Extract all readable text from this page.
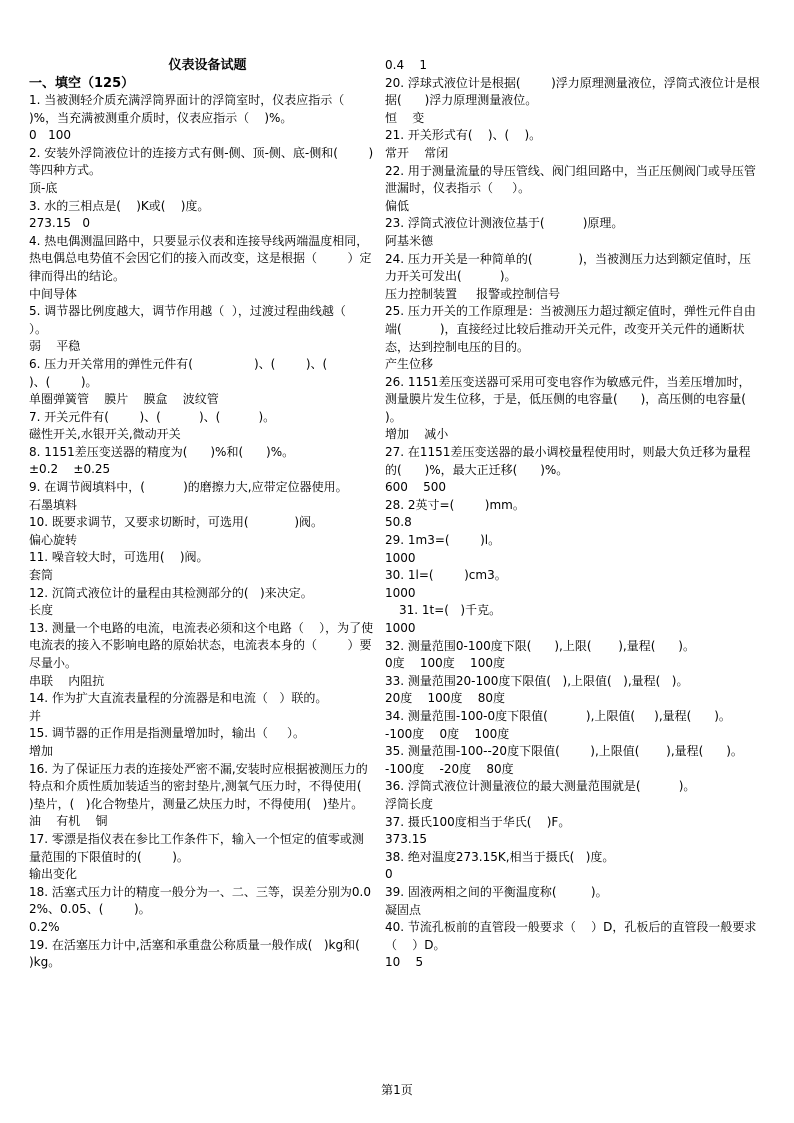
仪表设备试题
一、填空（125）
1. 当被测轻介质充满浮筒界面计的浮筒室时，仪表应指示（    )%，当充满被测重介质时，仪表应指示（    )%。
0   100
2. 安装外浮筒液位计的连接方式有侧-侧、顶-侧、底-侧和(        )等四种方式。
顶-底
3. 水的三相点是(    )K或(    )度。
273.15   0
4. 热电偶测温回路中，只要显示仪表和连接导线两端温度相同，热电偶总电势值不会因它们的接入而改变，这是根据（        ）定律而得出的结论。
中间导体
5. 调节器比例度越大，调节作用越（  ），过渡过程曲线越（    ）。
弱    平稳
6. 压力开关常用的弹性元件有(                )、(        )、(        )、(        )。
单圈弹簧管    膜片    膜盒    波纹管
7. 开关元件有(        )、(          )、(          )。
磁性开关,水银开关,微动开关
8. 1151差压变送器的精度为(      )%和(      )%。
±0.2    ±0.25
9. 在调节阀填料中，(          )的磨擦力大,应带定位器使用。
石墨填料
10. 既要求调节，又要求切断时，可选用(            )阀。
偏心旋转
11. 噪音较大时，可选用(    )阀。
套筒
12. 沉筒式液位计的量程由其检测部分的(   )来决定。
长度
13. 测量一个电路的电流，电流表必须和这个电路（    ），为了使电流表的接入不影响电路的原始状态，电流表本身的（        ）要尽量小。
串联    内阻抗
14. 作为扩大直流表量程的分流器是和电流（   ）联的。
并
15. 调节器的正作用是指测量增加时，输出（     ）。
增加
16. 为了保证压力表的连接处严密不漏,安装时应根据被测压力的特点和介质性质加装适当的密封垫片,测氧气压力时，不得使用(   )垫片，(   )化合物垫片，测量乙炔压力时，不得使用(   )垫片。
油    有机    铜
17. 零漂是指仪表在参比工作条件下，输入一个恒定的值零或测量范围的下限值时的(        )。
输出变化
18. 活塞式压力计的精度一般分为一、二、三等，误差分别为0.02%、0.05、(        )。
0.2%
19. 在活塞压力计中,活塞和承重盘公称质量一般作成(   )kg和(   )kg。
0.4    1
20. 浮球式液位计是根据(        )浮力原理测量液位，浮筒式液位计是根据(      )浮力原理测量液位。
恒    变
21. 开关形式有(    )、(    )。
常开    常闭
22. 用于测量流量的导压管线、阀门组回路中，当正压侧阀门或导压管泄漏时，仪表指示（     ）。
偏低
23. 浮筒式液位计测液位基于(          )原理。
阿基米德
24. 压力开关是一种简单的(            )，当被测压力达到额定值时，压力开关可发出(          )。
压力控制装置     报警或控制信号
25. 压力开关的工作原理是：当被测压力超过额定值时，弹性元件自由端(          )，直接经过比较后推动开关元件，改变开关元件的通断状态，达到控制电压的目的。
产生位移
26. 1151差压变送器可采用可变电容作为敏感元件，当差压增加时，测量膜片发生位移，于是，低压侧的电容量(      )，高压侧的电容量(    )。
增加    减小
27. 在1151差压变送器的最小调校量程使用时，则最大负迁移为量程的(      )%，最大正迁移(      )%。
600    500
28. 2英寸=(        )mm。
50.8
29. 1m3=(        )l。
1000
30. 1l=(        )cm3。
1000
31. 1t=(   )千克。
1000
32. 测量范围0-100度下限(      ),上限(       ),量程(      )。
0度    100度    100度
33. 测量范围20-100度下限值(   ),上限值(   ),量程(   )。
20度    100度    80度
34. 测量范围-100-0度下限值(          ),上限值(     ),量程(      )。
-100度    0度    100度
35. 测量范围-100--20度下限值(        ),上限值(       ),量程(      )。
-100度    -20度    80度
36. 浮筒式液位计测量液位的最大测量范围就是(          )。
浮筒长度
37. 摄氏100度相当于华氏(    )F。
373.15
38. 绝对温度273.15K,相当于摄氏(   )度。
0
39. 固液两相之间的平衡温度称(         )。
凝固点
40. 节流孔板前的直管段一般要求（    ）D，孔板后的直管段一般要求（    ）D。
10    5
第1页
